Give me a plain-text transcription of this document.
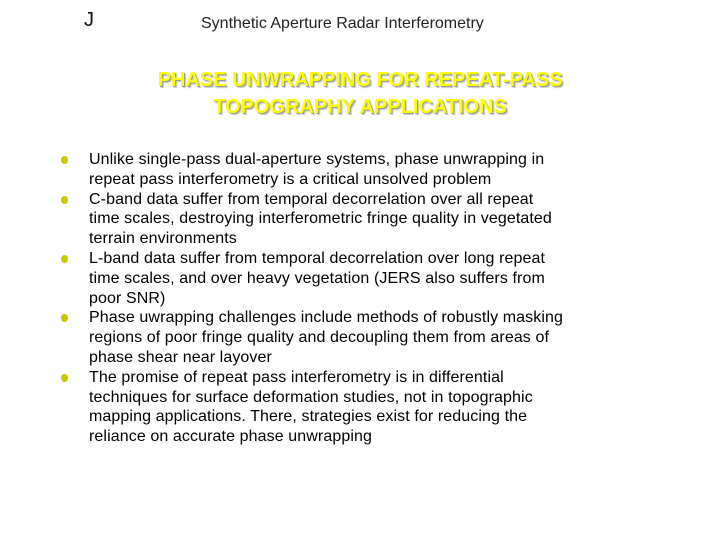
J	Synthetic Aperture Radar Interferometry
PHASE UNWRAPPING FOR REPEAT-PASS
TOPOGRAPHY APPLICATIONS
Unlike single-pass dual-aperture systems, phase unwrapping in
repeat pass interferometry is a critical unsolved problem
C-band data suffer from temporal decorrelation over all repeat
time scales, destroying interferometric fringe quality in vegetated
terrain environments
L-band data suffer from temporal decorrelation over long repeat
time scales, and over heavy vegetation (JERS also suffers from
poor SNR)
Phase uwrapping challenges include methods of robustly masking
regions of poor fringe quality and decoupling them from areas of
phase shear near layover
The promise of repeat pass interferometry is in differential
techniques for surface deformation studies, not in topographic
mapping applications. There, strategies exist for reducing the
reliance on accurate phase unwrapping
